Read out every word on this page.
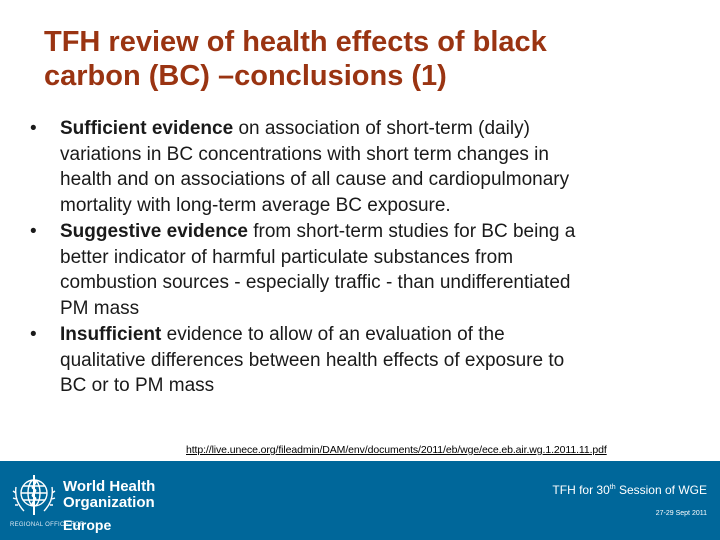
TFH review of health effects of black
carbon (BC) –conclusions (1)
• Sufficient evidence on association of short-term (daily)
variations in BC concentrations with short term changes in
health and on associations of all cause and cardiopulmonary
mortality with long-term average BC exposure.
• Suggestive evidence from short-term studies for BC being a
better indicator of harmful particulate substances from
combustion sources - especially traffic - than undifferentiated
PM mass
• Insufficient evidence to allow of an evaluation of the
qualitative differences between health effects of exposure to
BC or to PM mass
http://live.unece.org/fileadmin/DAM/env/documents/2011/eb/wge/ece.eb.air.wg.1.2011.11.pdf
World Health
Organization
REGIONAL OFFICE FOR
Europe
TFH for 30th Session of WGE
27-29 Sept 2011
